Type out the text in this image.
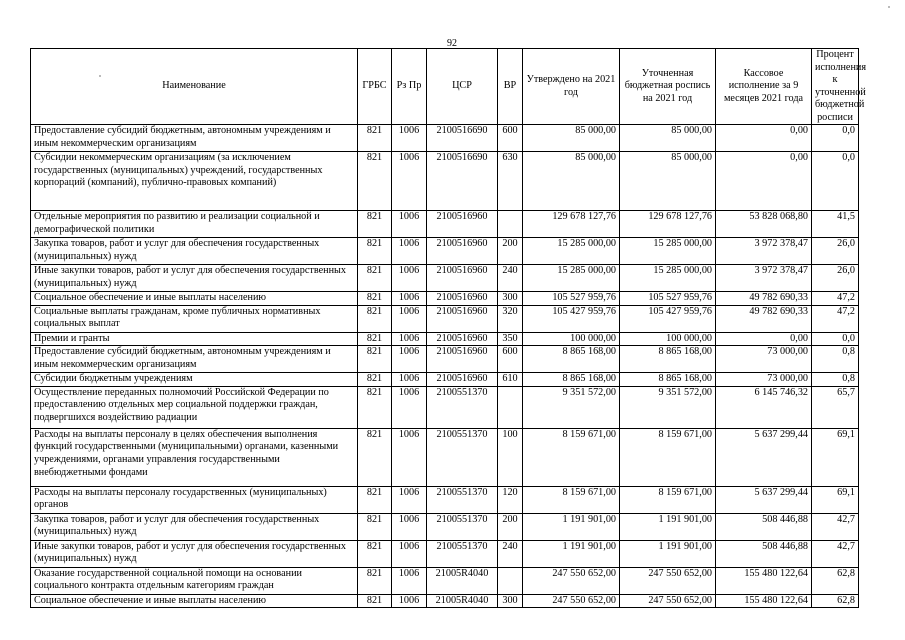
92
Наименование	ГРБС	Рз Пр	ЦСР	ВР	Утверждено на 2021 год	Уточненная бюджетная роспись на 2021 год	Кассовое исполнение за 9 месяцев 2021 года	Процент исполнения к уточненной бюджетной росписи
Предоставление субсидий бюджетным, автономным учреждениям и иным некоммерческим организациям	821	1006	2100516690	600	85 000,00	85 000,00	0,00	0,0
Субсидии некоммерческим организациям (за исключением государственных (муниципальных) учреждений, государственных корпораций (компаний), публично-правовых компаний)	821	1006	2100516690	630	85 000,00	85 000,00	0,00	0,0
Отдельные мероприятия по развитию и реализации социальной и демографической политики	821	1006	2100516960		129 678 127,76	129 678 127,76	53 828 068,80	41,5
Закупка товаров, работ и услуг для обеспечения государственных (муниципальных) нужд	821	1006	2100516960	200	15 285 000,00	15 285 000,00	3 972 378,47	26,0
Иные закупки товаров, работ и услуг для обеспечения государственных (муниципальных) нужд	821	1006	2100516960	240	15 285 000,00	15 285 000,00	3 972 378,47	26,0
Социальное обеспечение и иные выплаты населению	821	1006	2100516960	300	105 527 959,76	105 527 959,76	49 782 690,33	47,2
Социальные выплаты гражданам, кроме публичных нормативных социальных выплат	821	1006	2100516960	320	105 427 959,76	105 427 959,76	49 782 690,33	47,2
Премии и гранты	821	1006	2100516960	350	100 000,00	100 000,00	0,00	0,0
Предоставление субсидий бюджетным, автономным учреждениям и иным некоммерческим организациям	821	1006	2100516960	600	8 865 168,00	8 865 168,00	73 000,00	0,8
Субсидии бюджетным учреждениям	821	1006	2100516960	610	8 865 168,00	8 865 168,00	73 000,00	0,8
Осуществление переданных полномочий Российской Федерации по предоставлению отдельных мер социальной поддержки граждан, подвергшихся воздействию радиации	821	1006	2100551370		9 351 572,00	9 351 572,00	6 145 746,32	65,7
Расходы на выплаты персоналу в целях обеспечения выполнения функций государственными (муниципальными) органами, казенными учреждениями, органами управления государственными внебюджетными фондами	821	1006	2100551370	100	8 159 671,00	8 159 671,00	5 637 299,44	69,1
Расходы на выплаты персоналу государственных (муниципальных) органов	821	1006	2100551370	120	8 159 671,00	8 159 671,00	5 637 299,44	69,1
Закупка товаров, работ и услуг для обеспечения государственных (муниципальных) нужд	821	1006	2100551370	200	1 191 901,00	1 191 901,00	508 446,88	42,7
Иные закупки товаров, работ и услуг для обеспечения государственных (муниципальных) нужд	821	1006	2100551370	240	1 191 901,00	1 191 901,00	508 446,88	42,7
Оказание государственной социальной помощи на основании социального контракта отдельным категориям граждан	821	1006	21005R4040		247 550 652,00	247 550 652,00	155 480 122,64	62,8
Социальное обеспечение и иные выплаты населению	821	1006	21005R4040	300	247 550 652,00	247 550 652,00	155 480 122,64	62,8
